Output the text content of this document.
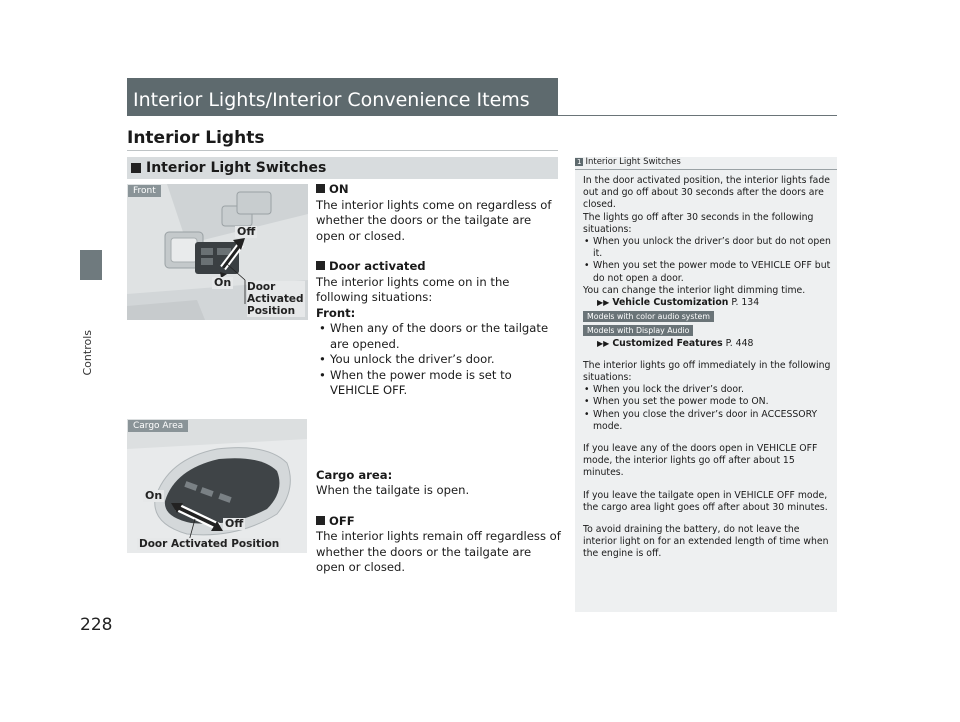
Controls
228
Interior Lights/Interior Convenience Items
Interior Lights
Interior Light Switches
Front
Off
On Door
Activated
Position
Cargo Area
On
Off
Door Activated Position

ON

The interior lights come on regardless of whether the doors or the tailgate are open or closed.

Door activated

The interior lights come on in the following situations:

Front:

• When any of the doors or the tailgate are opened.
• You unlock the driver’s door.
• When the power mode is set to VEHICLE OFF.

Cargo area:

When the tailgate is open.

OFF

The interior lights remain off regardless of whether the doors or the tailgate are open or closed.

1 Interior Light Switches

In the door activated position, the interior lights fade out and go off about 30 seconds after the doors are closed.

The lights go off after 30 seconds in the following situations:

• When you unlock the driver’s door but do not open it.
• When you set the power mode to VEHICLE OFF but do not open a door.

You can change the interior light dimming time.

▶▶ Vehicle Customization P. 134
Models with color audio system
Models with Display Audio
▶▶ Customized Features P. 448

The interior lights go off immediately in the following situations:

• When you lock the driver’s door.
• When you set the power mode to ON.
• When you close the driver’s door in ACCESSORY mode.

If you leave any of the doors open in VEHICLE OFF mode, the interior lights go off after about 15 minutes.

If you leave the tailgate open in VEHICLE OFF mode, the cargo area light goes off after about 30 minutes.

To avoid draining the battery, do not leave the interior light on for an extended length of time when the engine is off.
